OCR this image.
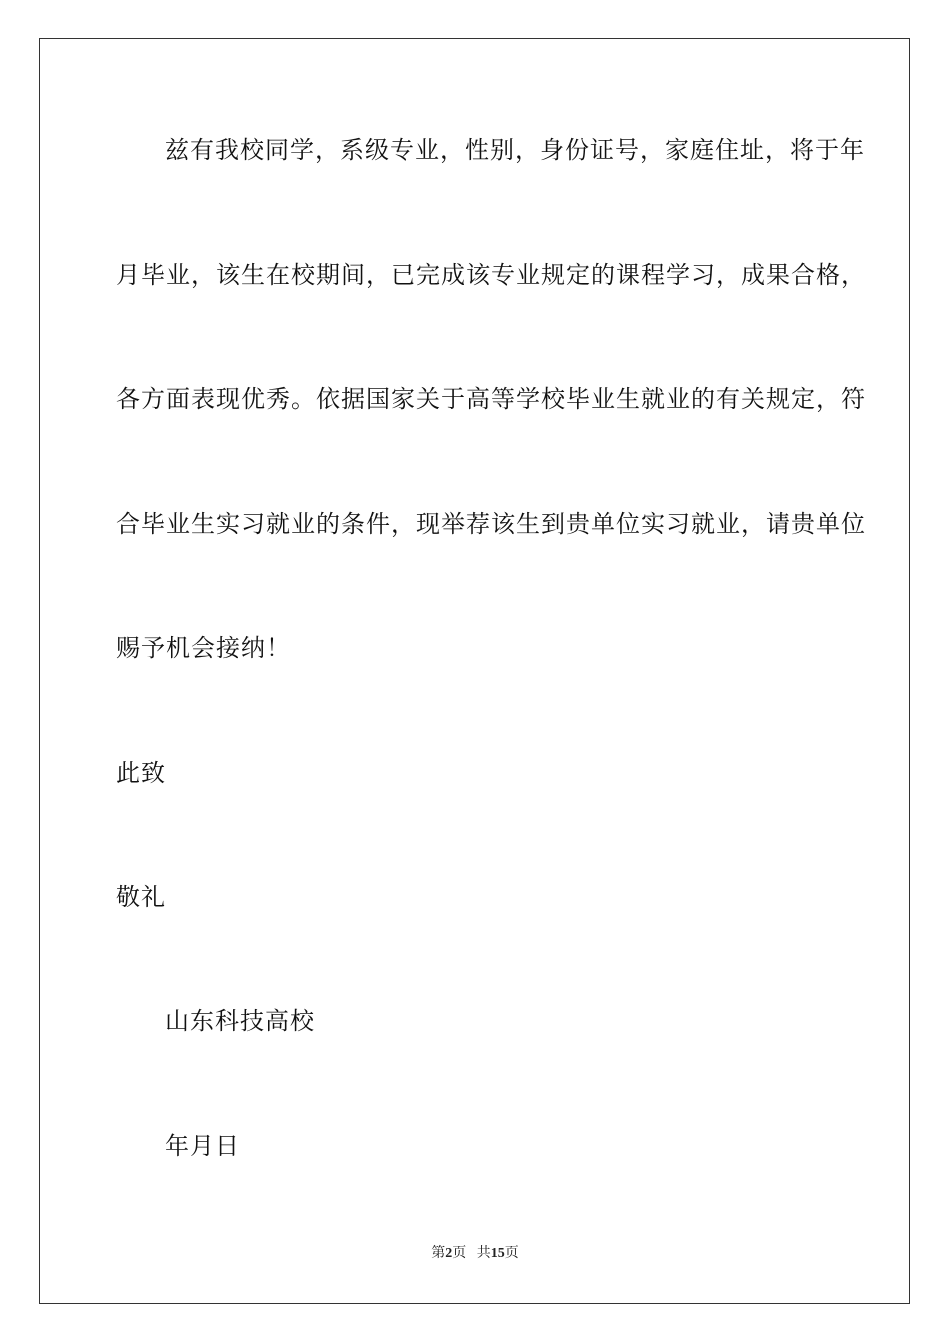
兹有我校同学，系级专业，性别，身份证号，家庭住址，将于年
月毕业，该生在校期间，已完成该专业规定的课程学习，成果合格，
各方面表现优秀。依据国家关于高等学校毕业生就业的有关规定，符
合毕业生实习就业的条件，现举荐该生到贵单位实习就业，请贵单位
赐予机会接纳！
此致
敬礼
山东科技高校
年月日
第2页 共15页
